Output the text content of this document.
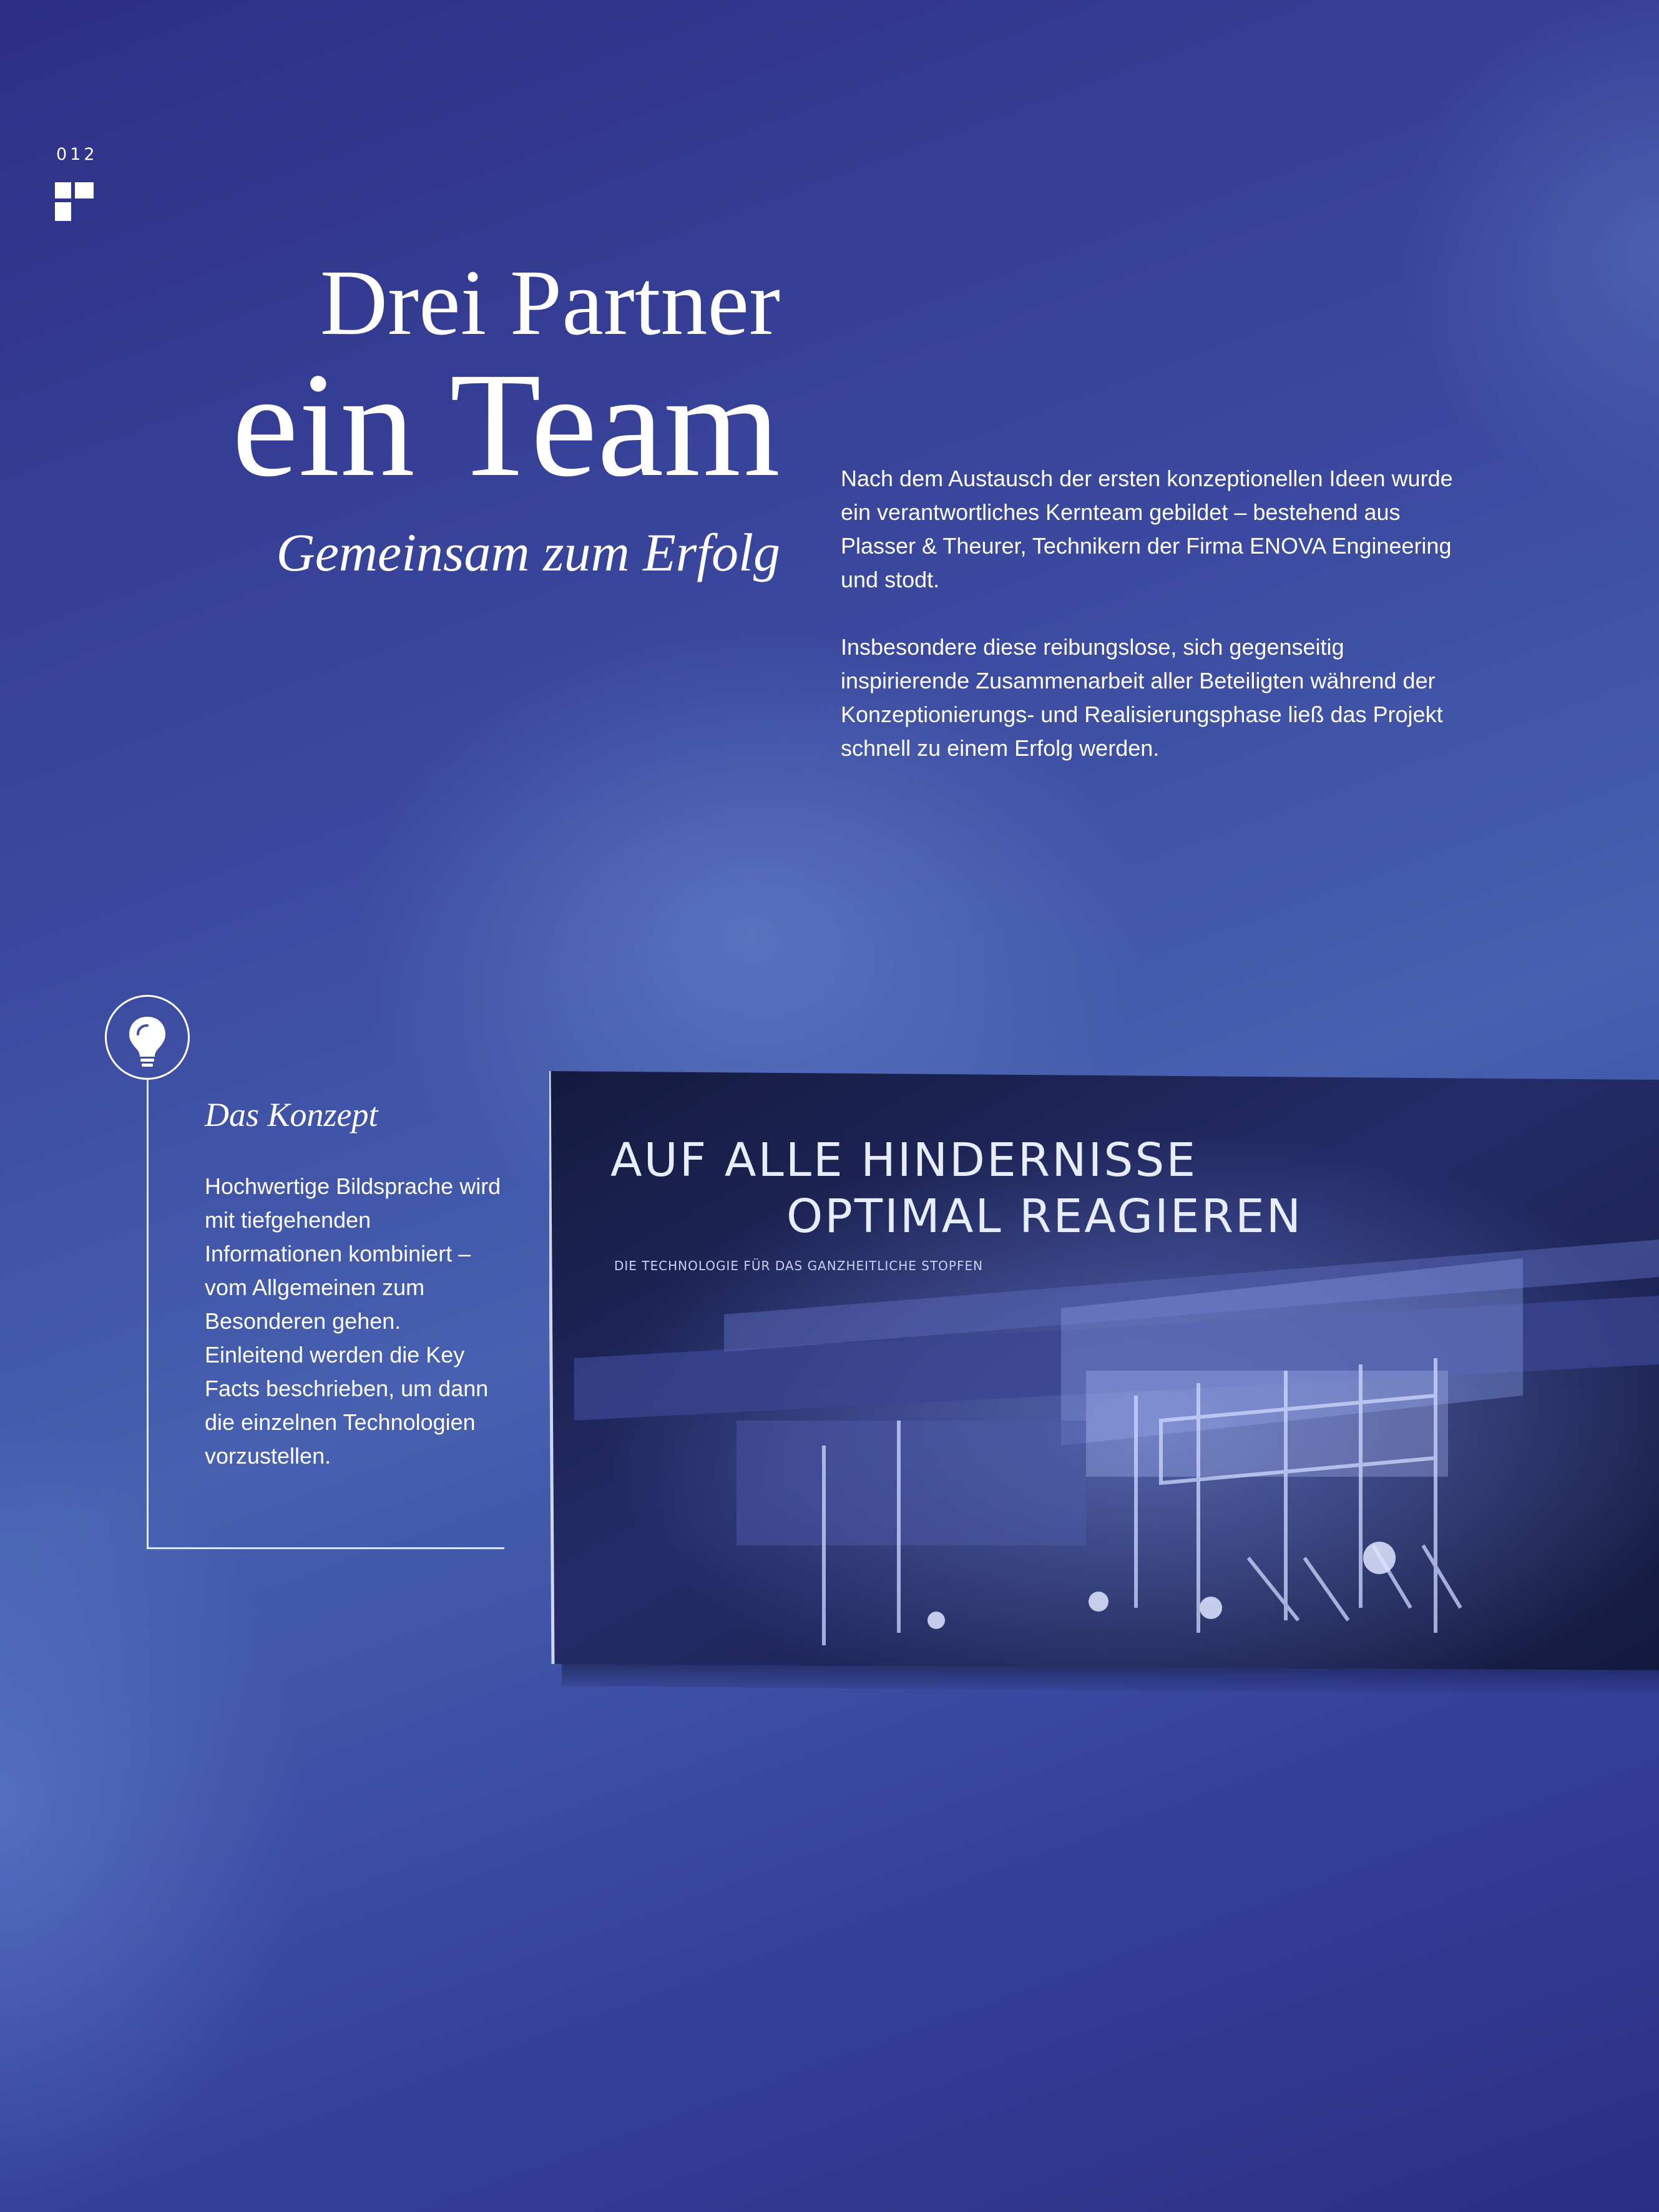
012
Drei Partner
ein Team
Gemeinsam zum Erfolg

Nach dem Austausch der ersten konzeptionellen Ideen wurde ein verantwortliches Kernteam gebildet – bestehend aus Plasser & Theurer, Technikern der Firma ENOVA Engineering und stodt.

Insbesondere diese reibungslose, sich gegenseitig inspirierende Zusammenarbeit aller Beteiligten während der Konzeptionierungs- und Realisierungsphase ließ das Projekt schnell zu einem Erfolg werden.

Das Konzept
Hochwertige Bildsprache wird mit tiefgehenden Informationen kombiniert – vom Allgemeinen zum Besonderen gehen. Einleitend werden die Key Facts beschrieben, um dann die einzelnen Technologien vorzustellen.
AUF ALLE HINDERNISSE
OPTIMAL REAGIEREN
DIE TECHNOLOGIE FÜR DAS GANZHEITLICHE STOPFEN
